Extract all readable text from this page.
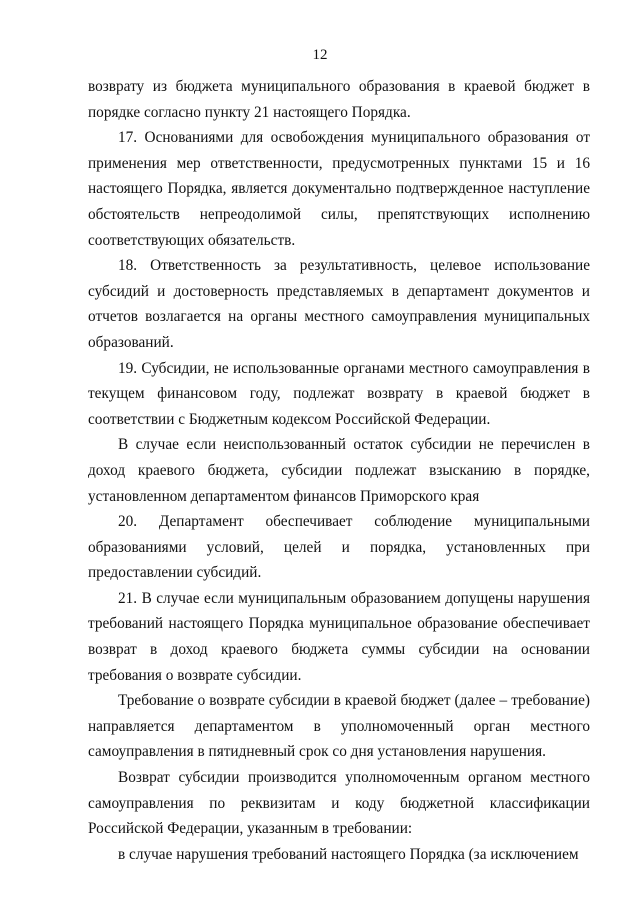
12

возврату из бюджета муниципального образования в краевой бюджет в порядке согласно пункту 21 настоящего Порядка.

17. Основаниями для освобождения муниципального образования от применения мер ответственности, предусмотренных пунктами 15 и 16 настоящего Порядка, является документально подтвержденное наступление обстоятельств непреодолимой силы, препятствующих исполнению соответствующих обязательств.

18. Ответственность за результативность, целевое использование субсидий и достоверность представляемых в департамент документов и отчетов возлагается на органы местного самоуправления муниципальных образований.

19. Субсидии, не использованные органами местного самоуправления в текущем финансовом году, подлежат возврату в краевой бюджет в соответствии с Бюджетным кодексом Российской Федерации.

В случае если неиспользованный остаток субсидии не перечислен в доход краевого бюджета, субсидии подлежат взысканию в порядке, установленном департаментом финансов Приморского края

20. Департамент обеспечивает соблюдение муниципальными образованиями условий, целей и порядка, установленных при предоставлении субсидий.

21. В случае если муниципальным образованием допущены нарушения требований настоящего Порядка муниципальное образование обеспечивает возврат в доход краевого бюджета суммы субсидии на основании требования о возврате субсидии.

Требование о возврате субсидии в краевой бюджет (далее – требование) направляется департаментом в уполномоченный орган местного самоуправления в пятидневный срок со дня установления нарушения.

Возврат субсидии производится уполномоченным органом местного самоуправления по реквизитам и коду бюджетной классификации Российской Федерации, указанным в требовании:

в случае нарушения требований настоящего Порядка (за исключением
